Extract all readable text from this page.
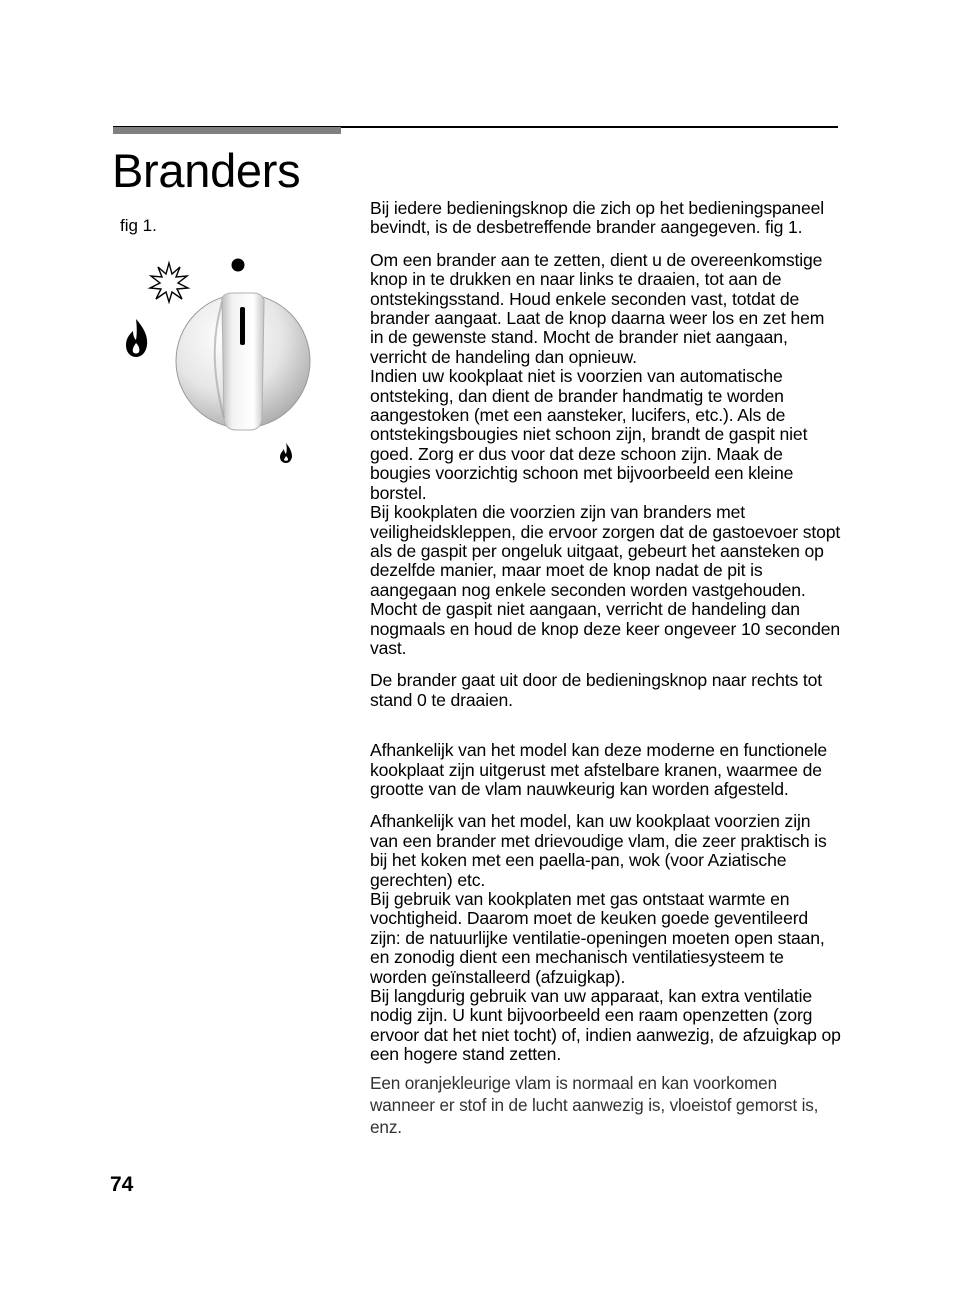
Branders
fig 1.

Bij iedere bedieningsknop die zich op het bedieningspaneel bevindt, is de desbetreffende brander aangegeven. fig 1.

Om een brander aan te zetten, dient u de overeenkomstige knop in te drukken en naar links te draaien, tot aan de ontstekingsstand. Houd enkele seconden vast, totdat de brander aangaat. Laat de knop daarna weer los en zet hem in de gewenste stand. Mocht de brander niet aangaan, verricht de handeling dan opnieuw.

Indien uw kookplaat niet is voorzien van automatische ontsteking, dan dient de brander handmatig te worden aangestoken (met een aansteker, lucifers, etc.). Als de ontstekingsbougies niet schoon zijn, brandt de gaspit niet goed. Zorg er dus voor dat deze schoon zijn. Maak de bougies voorzichtig schoon met bijvoorbeeld een kleine borstel.

Bij kookplaten die voorzien zijn van branders met veiligheidskleppen, die ervoor zorgen dat de gastoevoer stopt als de gaspit per ongeluk uitgaat, gebeurt het aansteken op dezelfde manier, maar moet de knop nadat de pit is aangegaan nog enkele seconden worden vastgehouden. Mocht de gaspit niet aangaan, verricht de handeling dan nogmaals en houd de knop deze keer ongeveer 10 seconden vast.

De brander gaat uit door de bedieningsknop naar rechts tot stand 0 te draaien.

Afhankelijk van het model kan deze moderne en functionele kookplaat zijn uitgerust met afstelbare kranen, waarmee de grootte van de vlam nauwkeurig kan worden afgesteld.

Afhankelijk van het model, kan uw kookplaat voorzien zijn van een brander met drievoudige vlam, die zeer praktisch is bij het koken met een paella-pan, wok (voor Aziatische gerechten) etc.

Bij gebruik van kookplaten met gas ontstaat warmte en vochtigheid. Daarom moet de keuken goede geventileerd zijn: de natuurlijke ventilatie-openingen moeten open staan, en zonodig dient een mechanisch ventilatiesysteem te worden geïnstalleerd (afzuigkap).

Bij langdurig gebruik van uw apparaat, kan extra ventilatie nodig zijn. U kunt bijvoorbeeld een raam openzetten (zorg ervoor dat het niet tocht) of, indien aanwezig, de afzuigkap op een hogere stand zetten.

Een oranjekleurige vlam is normaal en kan voorkomen wanneer er stof in de lucht aanwezig is, vloeistof gemorst is, enz.

74
